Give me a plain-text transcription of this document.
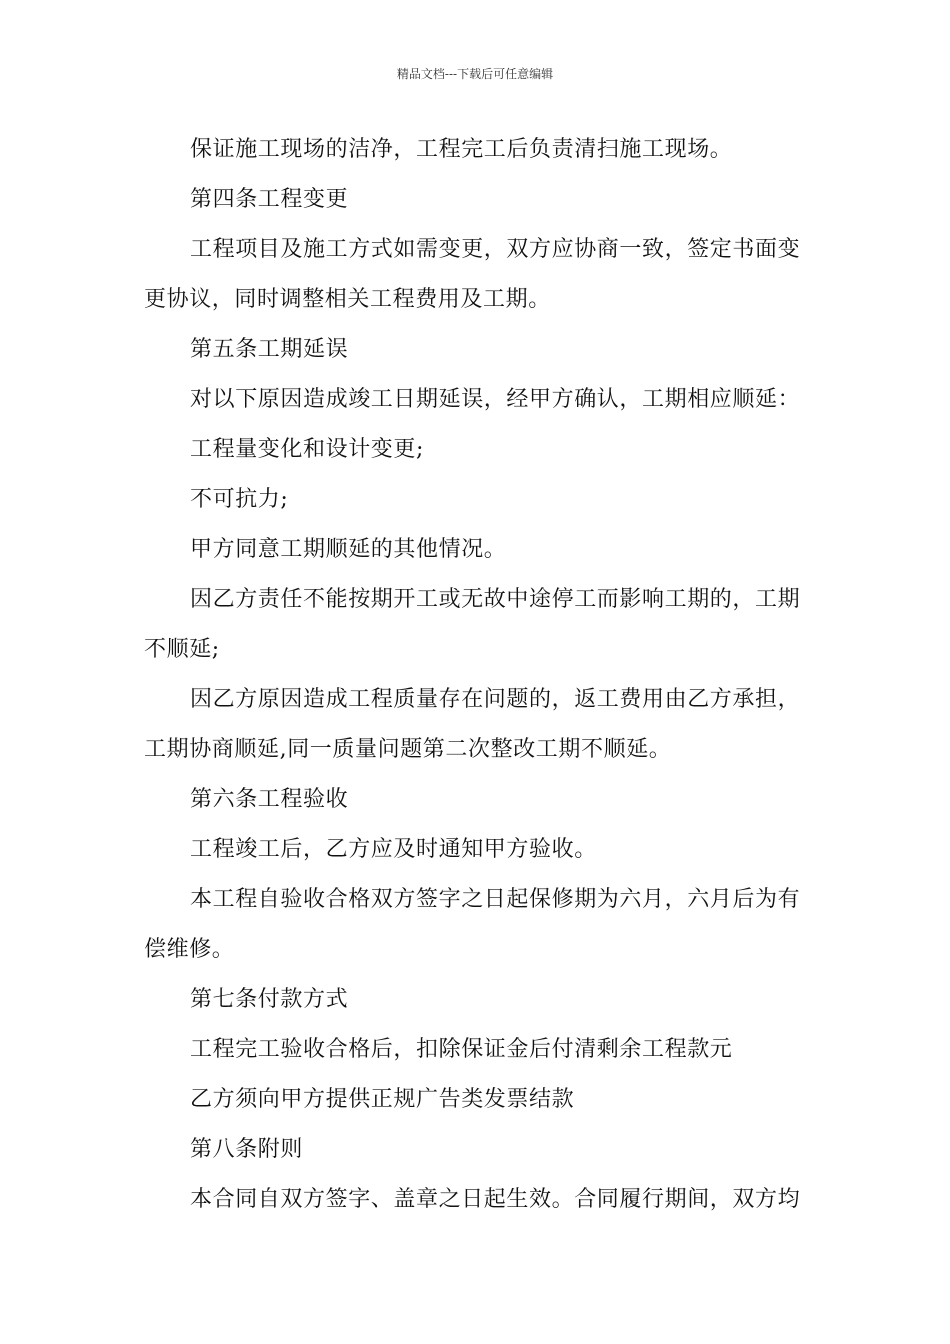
精品文档---下载后可任意编辑

保证施工现场的洁净，工程完工后负责清扫施工现场。

第四条工程变更

工程项目及施工方式如需变更，双方应协商一致，签定书面变更协议，同时调整相关工程费用及工期。

第五条工期延误

对以下原因造成竣工日期延误，经甲方确认，工期相应顺延：

工程量变化和设计变更;

不可抗力;

甲方同意工期顺延的其他情况。

因乙方责任不能按期开工或无故中途停工而影响工期的，工期不顺延;

因乙方原因造成工程质量存在问题的，返工费用由乙方承担，工期协商顺延,同一质量问题第二次整改工期不顺延。

第六条工程验收

工程竣工后，乙方应及时通知甲方验收。

本工程自验收合格双方签字之日起保修期为六月，六月后为有偿维修。

第七条付款方式

工程完工验收合格后，扣除保证金后付清剩余工程款元

乙方须向甲方提供正规广告类发票结款

第八条附则

本合同自双方签字、盖章之日起生效。合同履行期间，双方均
